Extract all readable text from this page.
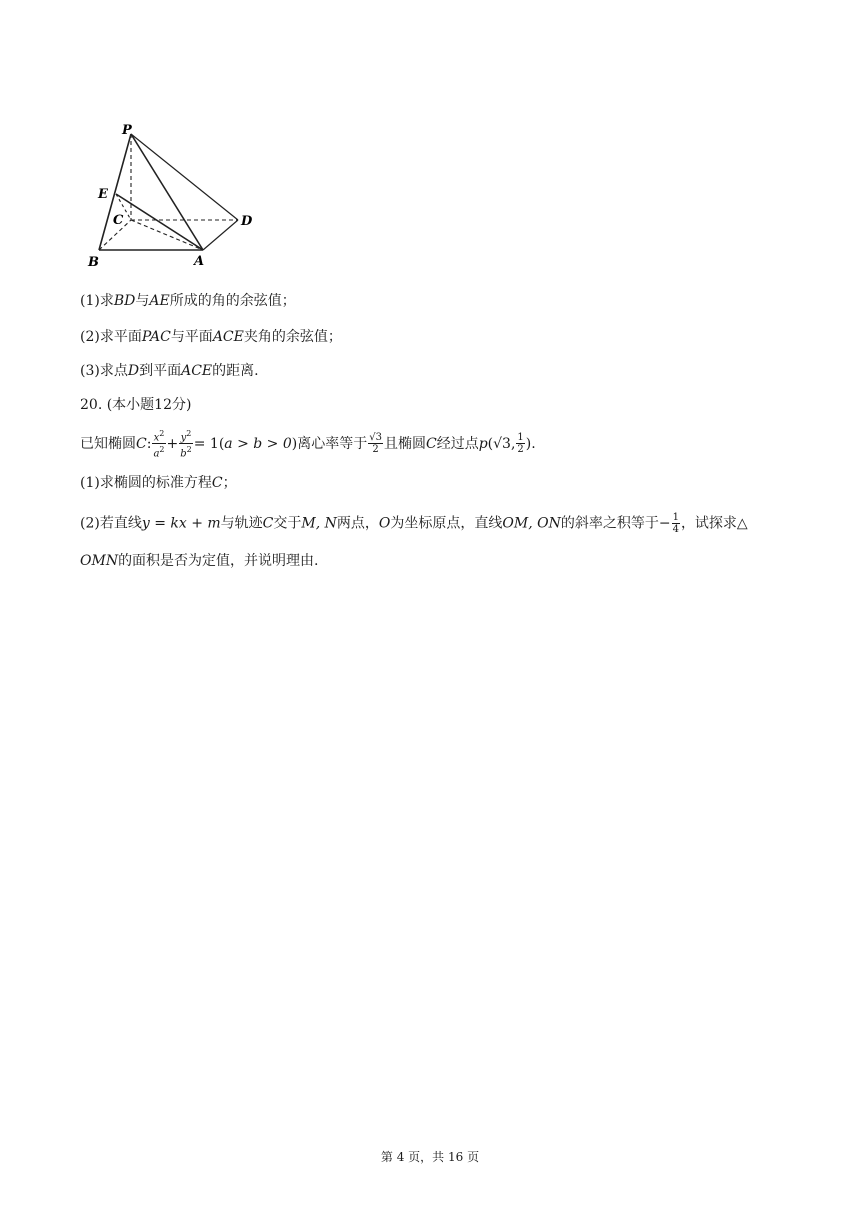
P
E
C	D
B	A
(1)求BD与AE所成的角的余弦值；
(2)求平面PAC与平面ACE夹角的余弦值；
(3)求点D到平面ACE的距离.
20. (本小题12分)
已知椭圆C: $\frac{x^2}{a^2} + \frac{y^2}{b^2} = 1(a > b > 0)$离心率等于 $\frac{√3}{2}$ 且椭圆C经过点p(√3, $\frac{1}{2}$ ).
(1)求椭圆的标准方程C；
(2)若直线y = kx + m与轨迹C交于M, N两点，O为坐标原点，直线OM, ON的斜率之积等于− $\frac{1}{4}$ ，试探求△
OMN的面积是否为定值，并说明理由.
第 4 页，共 16 页
